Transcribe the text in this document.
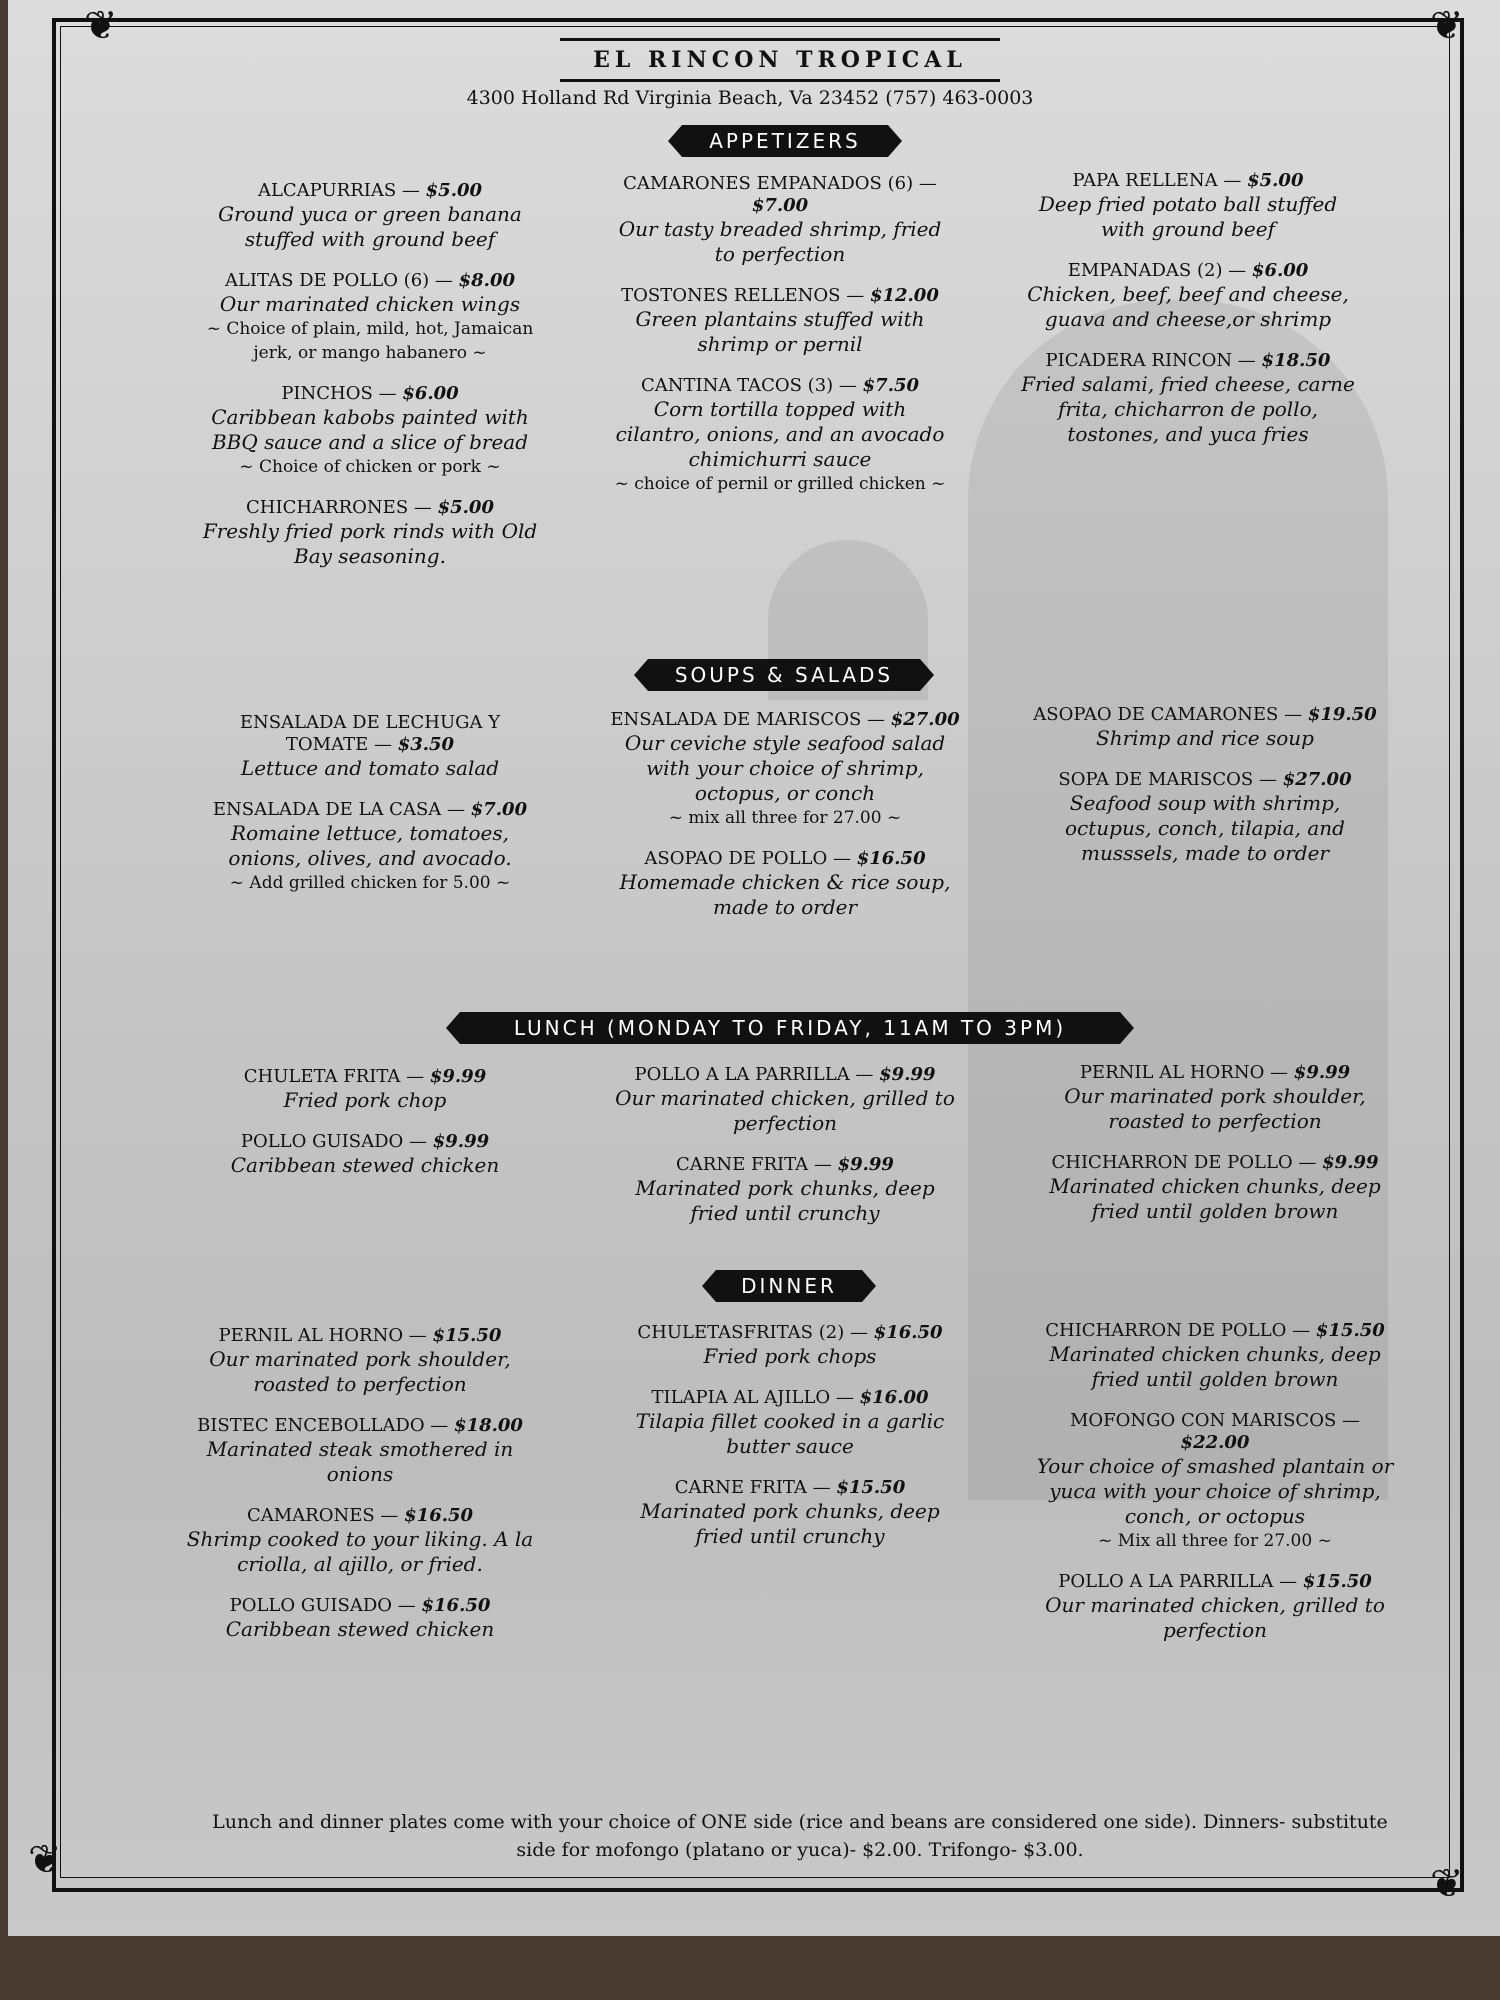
❦	❦
❦
❦
EL RINCON TROPICAL
4300 Holland Rd Virginia Beach, Va 23452 (757) 463-0003
APPETIZERS
ALCAPURRIAS — $5.00
Ground yuca or green banana stuffed with ground beef
ALITAS DE POLLO (6) — $8.00
Our marinated chicken wings
~ Choice of plain, mild, hot, Jamaican jerk, or mango habanero ~
PINCHOS — $6.00
Caribbean kabobs painted with BBQ sauce and a slice of bread
~ Choice of chicken or pork ~
CHICHARRONES — $5.00
Freshly fried pork rinds with Old Bay seasoning.
CAMARONES EMPANADOS (6) — $7.00
Our tasty breaded shrimp, fried to perfection
TOSTONES RELLENOS — $12.00
Green plantains stuffed with shrimp or pernil
CANTINA TACOS (3) — $7.50
Corn tortilla topped with cilantro, onions, and an avocado chimichurri sauce
~ choice of pernil or grilled chicken ~
PAPA RELLENA — $5.00
Deep fried potato ball stuffed with ground beef
EMPANADAS (2) — $6.00
Chicken, beef, beef and cheese, guava and cheese,or shrimp
PICADERA RINCON — $18.50
Fried salami, fried cheese, carne frita, chicharron de pollo, tostones, and yuca fries
SOUPS & SALADS
ENSALADA DE LECHUGA Y TOMATE — $3.50
Lettuce and tomato salad
ENSALADA DE LA CASA — $7.00
Romaine lettuce, tomatoes, onions, olives, and avocado.
~ Add grilled chicken for 5.00 ~
ENSALADA DE MARISCOS — $27.00
Our ceviche style seafood salad with your choice of shrimp, octopus, or conch
~ mix all three for 27.00 ~
ASOPAO DE POLLO — $16.50
Homemade chicken & rice soup, made to order
ASOPAO DE CAMARONES — $19.50
Shrimp and rice soup
SOPA DE MARISCOS — $27.00
Seafood soup with shrimp, octupus, conch, tilapia, and musssels, made to order
LUNCH (MONDAY TO FRIDAY, 11AM TO 3PM)
CHULETA FRITA — $9.99
Fried pork chop
POLLO GUISADO — $9.99
Caribbean stewed chicken
POLLO A LA PARRILLA — $9.99
Our marinated chicken, grilled to perfection
CARNE FRITA — $9.99
Marinated pork chunks, deep fried until crunchy
PERNIL AL HORNO — $9.99
Our marinated pork shoulder, roasted to perfection
CHICHARRON DE POLLO — $9.99
Marinated chicken chunks, deep fried until golden brown
DINNER
PERNIL AL HORNO — $15.50
Our marinated pork shoulder, roasted to perfection
BISTEC ENCEBOLLADO — $18.00
Marinated steak smothered in onions
CAMARONES — $16.50
Shrimp cooked to your liking. A la criolla, al ajillo, or fried.
POLLO GUISADO — $16.50
Caribbean stewed chicken
CHULETASFRITAS (2) — $16.50
Fried pork chops
TILAPIA AL AJILLO — $16.00
Tilapia fillet cooked in a garlic butter sauce
CARNE FRITA — $15.50
Marinated pork chunks, deep fried until crunchy
CHICHARRON DE POLLO — $15.50
Marinated chicken chunks, deep fried until golden brown
MOFONGO CON MARISCOS — $22.00
Your choice of smashed plantain or yuca with your choice of shrimp, conch, or octopus
~ Mix all three for 27.00 ~
POLLO A LA PARRILLA — $15.50
Our marinated chicken, grilled to perfection
Lunch and dinner plates come with your choice of ONE side (rice and beans are considered one side). Dinners- substitute side for mofongo (platano or yuca)- $2.00. Trifongo- $3.00.
